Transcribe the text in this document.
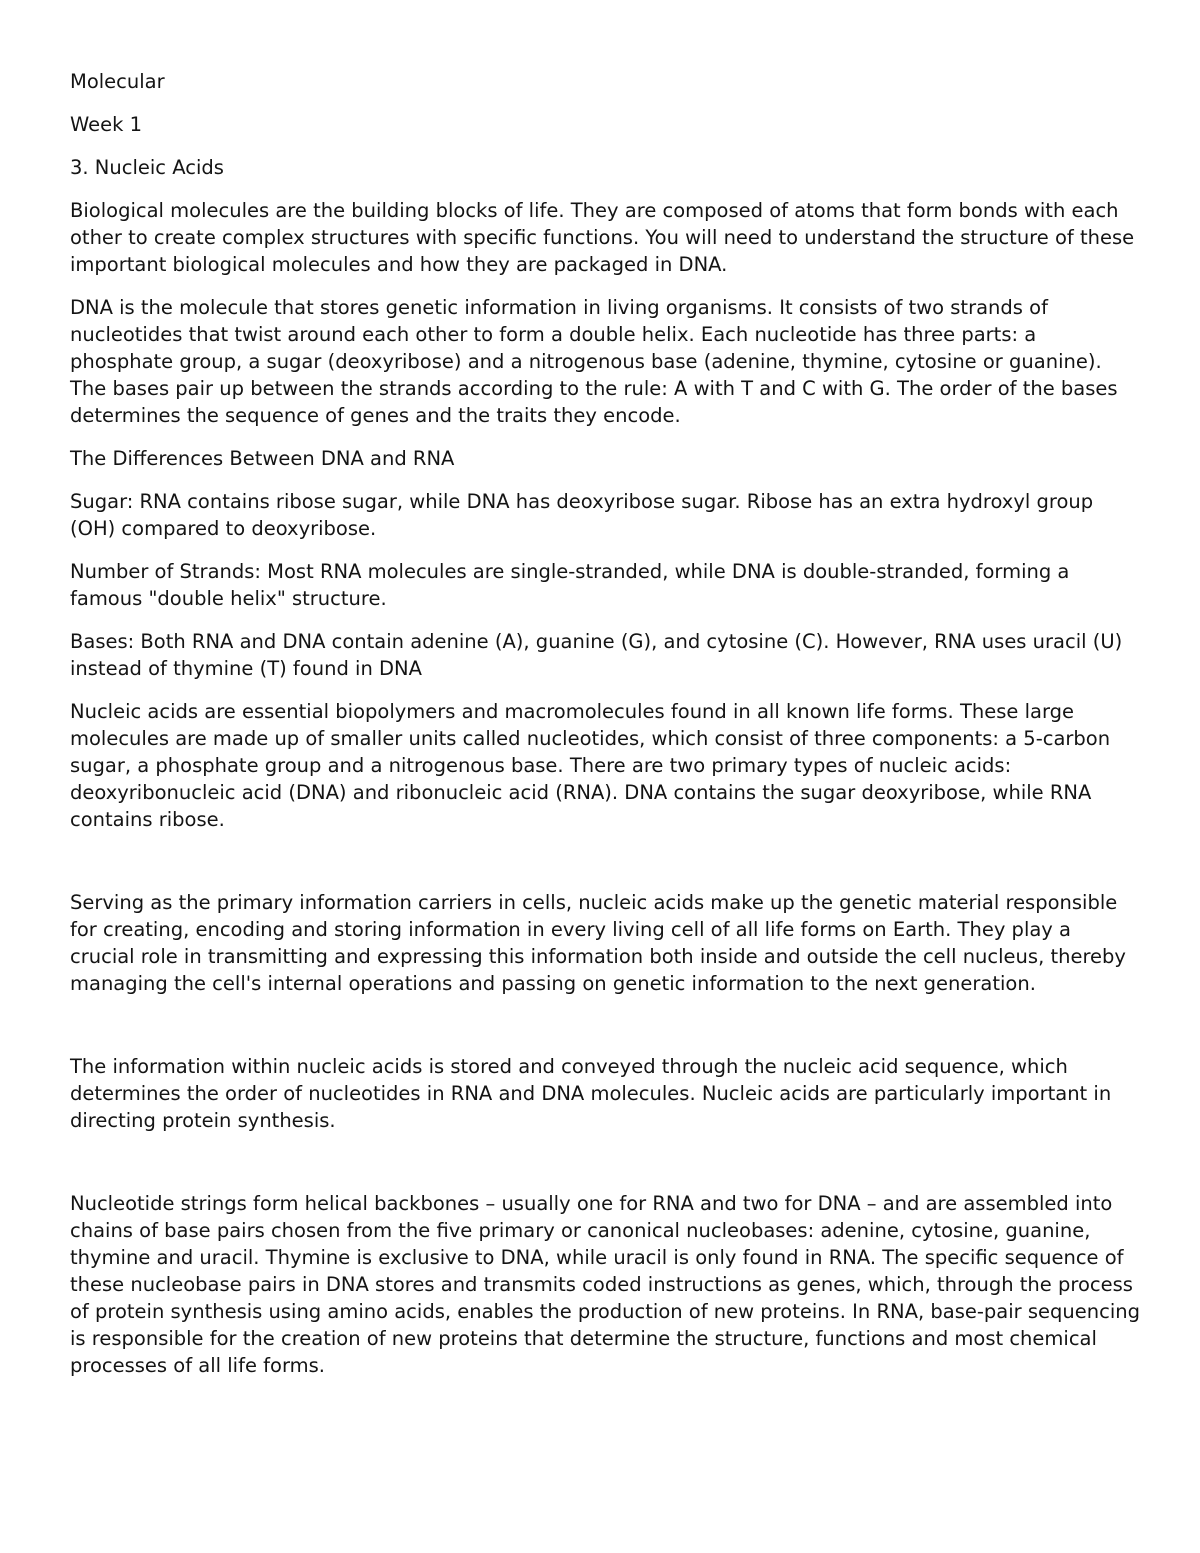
Molecular

Week 1

3. Nucleic Acids

Biological molecules are the building blocks of life. They are composed of atoms that form bonds with each other to create complex structures with specific functions. You will need to understand the structure of these important biological molecules and how they are packaged in DNA.

DNA is the molecule that stores genetic information in living organisms. It consists of two strands of nucleotides that twist around each other to form a double helix. Each nucleotide has three parts: a phosphate group, a sugar (deoxyribose) and a nitrogenous base (adenine, thymine, cytosine or guanine). The bases pair up between the strands according to the rule: A with T and C with G. The order of the bases determines the sequence of genes and the traits they encode.

The Differences Between DNA and RNA

Sugar: RNA contains ribose sugar, while DNA has deoxyribose sugar. Ribose has an extra hydroxyl group (OH) compared to deoxyribose.

Number of Strands: Most RNA molecules are single-stranded, while DNA is double-stranded, forming a famous "double helix" structure.

Bases: Both RNA and DNA contain adenine (A), guanine (G), and cytosine (C). However, RNA uses uracil (U) instead of thymine (T) found in DNA

Nucleic acids are essential biopolymers and macromolecules found in all known life forms. These large molecules are made up of smaller units called nucleotides, which consist of three components: a 5-carbon sugar, a phosphate group and a nitrogenous base. There are two primary types of nucleic acids: deoxyribonucleic acid (DNA) and ribonucleic acid (RNA). DNA contains the sugar deoxyribose, while RNA contains ribose.

Serving as the primary information carriers in cells, nucleic acids make up the genetic material responsible for creating, encoding and storing information in every living cell of all life forms on Earth. They play a crucial role in transmitting and expressing this information both inside and outside the cell nucleus, thereby managing the cell's internal operations and passing on genetic information to the next generation.

The information within nucleic acids is stored and conveyed through the nucleic acid sequence, which determines the order of nucleotides in RNA and DNA molecules. Nucleic acids are particularly important in directing protein synthesis.

Nucleotide strings form helical backbones – usually one for RNA and two for DNA – and are assembled into chains of base pairs chosen from the five primary or canonical nucleobases: adenine, cytosine, guanine, thymine and uracil. Thymine is exclusive to DNA, while uracil is only found in RNA. The specific sequence of these nucleobase pairs in DNA stores and transmits coded instructions as genes, which, through the process of protein synthesis using amino acids, enables the production of new proteins. In RNA, base-pair sequencing is responsible for the creation of new proteins that determine the structure, functions and most chemical processes of all life forms.
